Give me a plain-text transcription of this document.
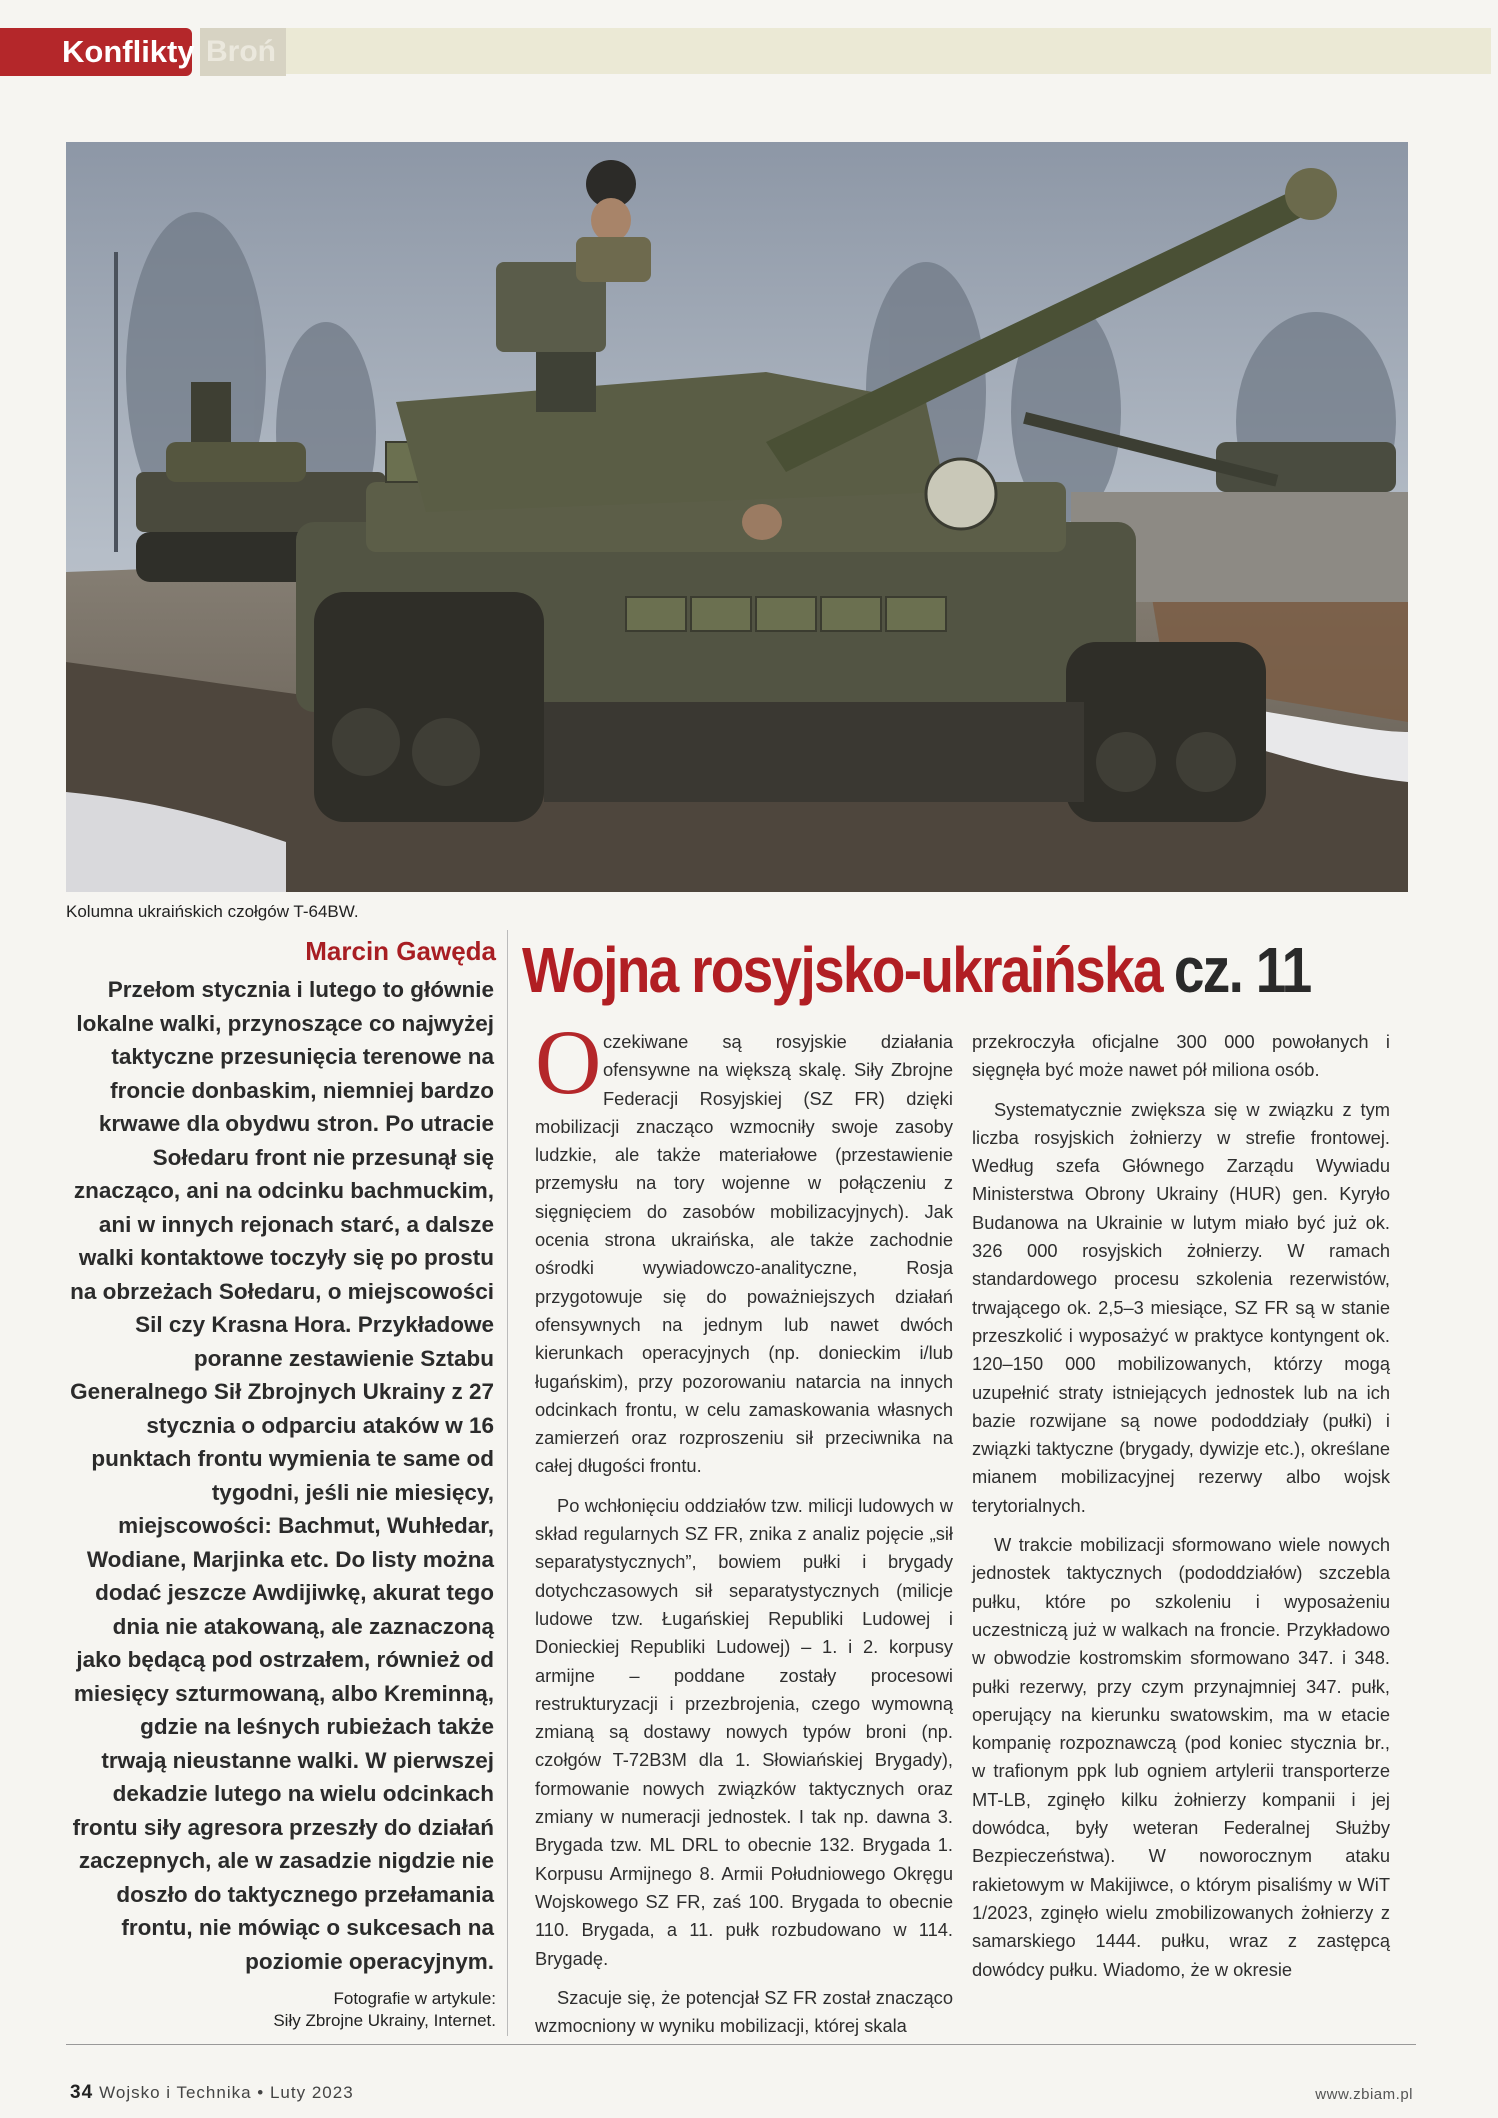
Konflikty Broń
Kolumna ukraińskich czołgów T-64BW.
Marcin Gawęda

Przełom stycznia i lutego to głównie lokalne walki, przynoszące co najwyżej taktyczne przesunięcia terenowe na froncie donbaskim, niemniej bardzo krwawe dla obydwu stron. Po utracie Sołedaru front nie przesunął się znacząco, ani na odcinku bachmuckim, ani w innych rejonach starć, a dalsze walki kontaktowe toczyły się po prostu na obrzeżach Sołedaru, o miejscowości Sil czy Krasna Hora. Przykładowe poranne zestawienie Sztabu Generalnego Sił Zbrojnych Ukrainy z 27 stycznia o odparciu ataków w 16 punktach frontu wymienia te same od tygodni, jeśli nie miesięcy, miejscowości: Bachmut, Wuhłedar, Wodiane, Marjinka etc. Do listy można dodać jeszcze Awdijiwkę, akurat tego dnia nie atakowaną, ale zaznaczoną jako będącą pod ostrzałem, również od miesięcy szturmowaną, albo Kreminną, gdzie na leśnych rubieżach także trwają nieustanne walki. W pierwszej dekadzie lutego na wielu odcinkach frontu siły agresora przeszły do działań zaczepnych, ale w zasadzie nigdzie nie doszło do taktycznego przełamania frontu, nie mówiąc o sukcesach na poziomie operacyjnym.

Fotografie w artykule:
Siły Zbrojne Ukrainy, Internet.
Wojna rosyjsko-ukraińska cz. 11

Oczekiwane są rosyjskie działania ofensywne na większą skalę. Siły Zbrojne Federacji Rosyjskiej (SZ FR) dzięki mobilizacji znacząco wzmocniły swoje zasoby ludzkie, ale także materiałowe (przestawienie przemysłu na tory wojenne w połączeniu z sięgnięciem do zasobów mobilizacyjnych). Jak ocenia strona ukraińska, ale także zachodnie ośrodki wywiadowczo-analityczne, Rosja przygotowuje się do poważniejszych działań ofensywnych na jednym lub nawet dwóch kierunkach operacyjnych (np. donieckim i/lub ługańskim), przy pozorowaniu natarcia na innych odcinkach frontu, w celu zamaskowania własnych zamierzeń oraz rozproszeniu sił przeciwnika na całej długości frontu.

Po wchłonięciu oddziałów tzw. milicji ludowych w skład regularnych SZ FR, znika z analiz pojęcie „sił separatystycznych”, bowiem pułki i brygady dotychczasowych sił separatystycznych (milicje ludowe tzw. Ługańskiej Republiki Ludowej i Donieckiej Republiki Ludowej) – 1. i 2. korpusy armijne – poddane zostały procesowi restrukturyzacji i przezbrojenia, czego wymowną zmianą są dostawy nowych typów broni (np. czołgów T-72B3M dla 1. Słowiańskiej Brygady), formowanie nowych związków taktycznych oraz zmiany w numeracji jednostek. I tak np. dawna 3. Brygada tzw. ML DRL to obecnie 132. Brygada 1. Korpusu Armijnego 8. Armii Południowego Okręgu Wojskowego SZ FR, zaś 100. Brygada to obecnie 110. Brygada, a 11. pułk rozbudowano w 114. Brygadę.

Szacuje się, że potencjał SZ FR został znacząco wzmocniony w wyniku mobilizacji, której skala

przekroczyła oficjalne 300 000 powołanych i sięgnęła być może nawet pół miliona osób.

Systematycznie zwiększa się w związku z tym liczba rosyjskich żołnierzy w strefie frontowej. Według szefa Głównego Zarządu Wywiadu Ministerstwa Obrony Ukrainy (HUR) gen. Kyryło Budanowa na Ukrainie w lutym miało być już ok. 326 000 rosyjskich żołnierzy. W ramach standardowego procesu szkolenia rezerwistów, trwającego ok. 2,5–3 miesiące, SZ FR są w stanie przeszkolić i wyposażyć w praktyce kontyngent ok. 120–150 000 mobilizowanych, którzy mogą uzupełnić straty istniejących jednostek lub na ich bazie rozwijane są nowe pododdziały (pułki) i związki taktyczne (brygady, dywizje etc.), określane mianem mobilizacyjnej rezerwy albo wojsk terytorialnych.

W trakcie mobilizacji sformowano wiele nowych jednostek taktycznych (pododdziałów) szczebla pułku, które po szkoleniu i wyposażeniu uczestniczą już w walkach na froncie. Przykładowo w obwodzie kostromskim sformowano 347. i 348. pułki rezerwy, przy czym przynajmniej 347. pułk, operujący na kierunku swatowskim, ma w etacie kompanię rozpoznawczą (pod koniec stycznia br., w trafionym ppk lub ogniem artylerii transporterze MT-LB, zginęło kilku żołnierzy kompanii i jej dowódca, były weteran Federalnej Służby Bezpieczeństwa). W noworocznym ataku rakietowym w Makijiwce, o którym pisaliśmy w WiT 1/2023, zginęło wielu zmobilizowanych żołnierzy z samarskiego 1444. pułku, wraz z zastępcą dowódcy pułku. Wiadomo, że w okresie

34 Wojsko i Technika • Luty 2023	www.zbiam.pl
